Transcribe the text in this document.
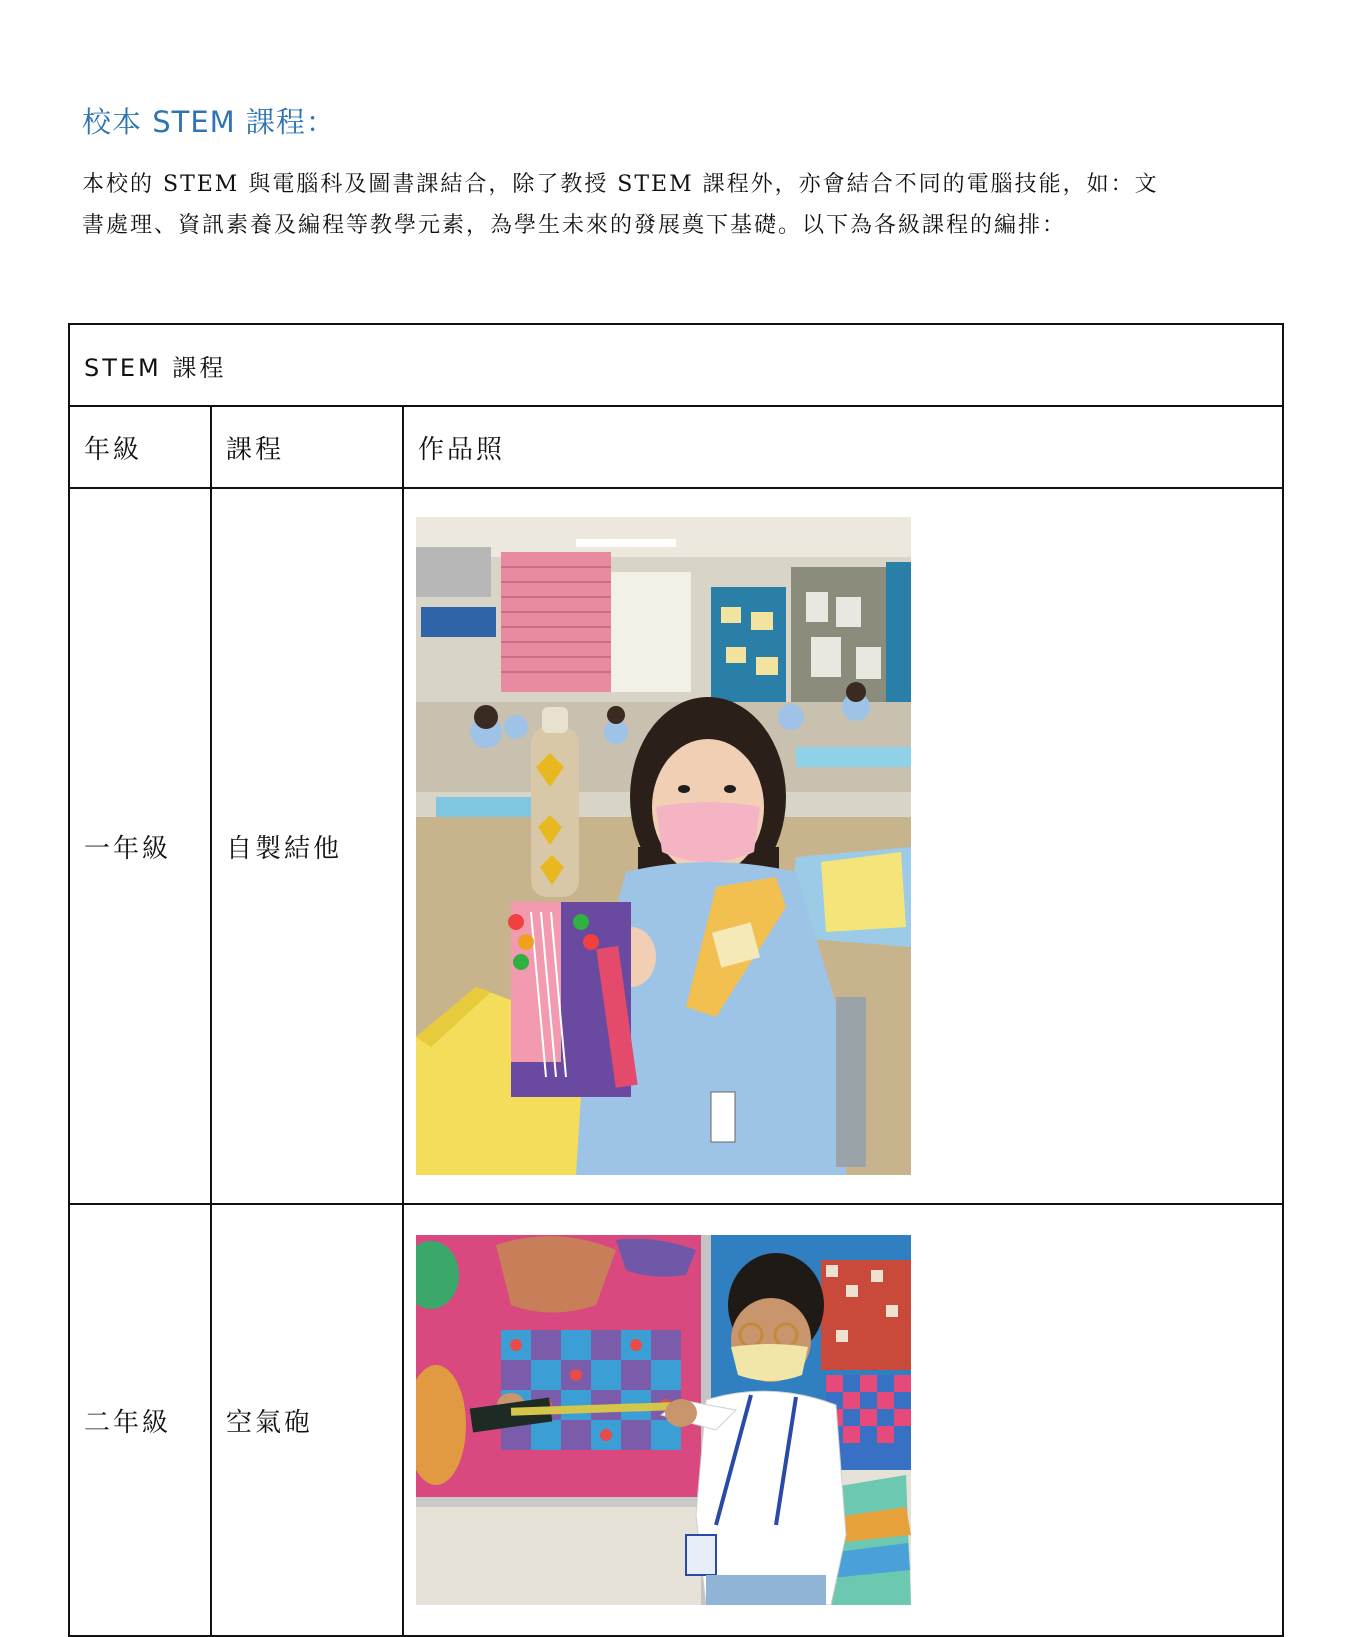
校本 STEM 課程：
本校的 STEM 與電腦科及圖書課結合，除了教授 STEM 課程外，亦會結合不同的電腦技能，如：文
書處理、資訊素養及編程等教學元素，為學生未來的發展奠下基礎。以下為各級課程的編排：
STEM 課程		
年級	課程	作品照
一年級	自製結他	

二年級	空氣砲	
